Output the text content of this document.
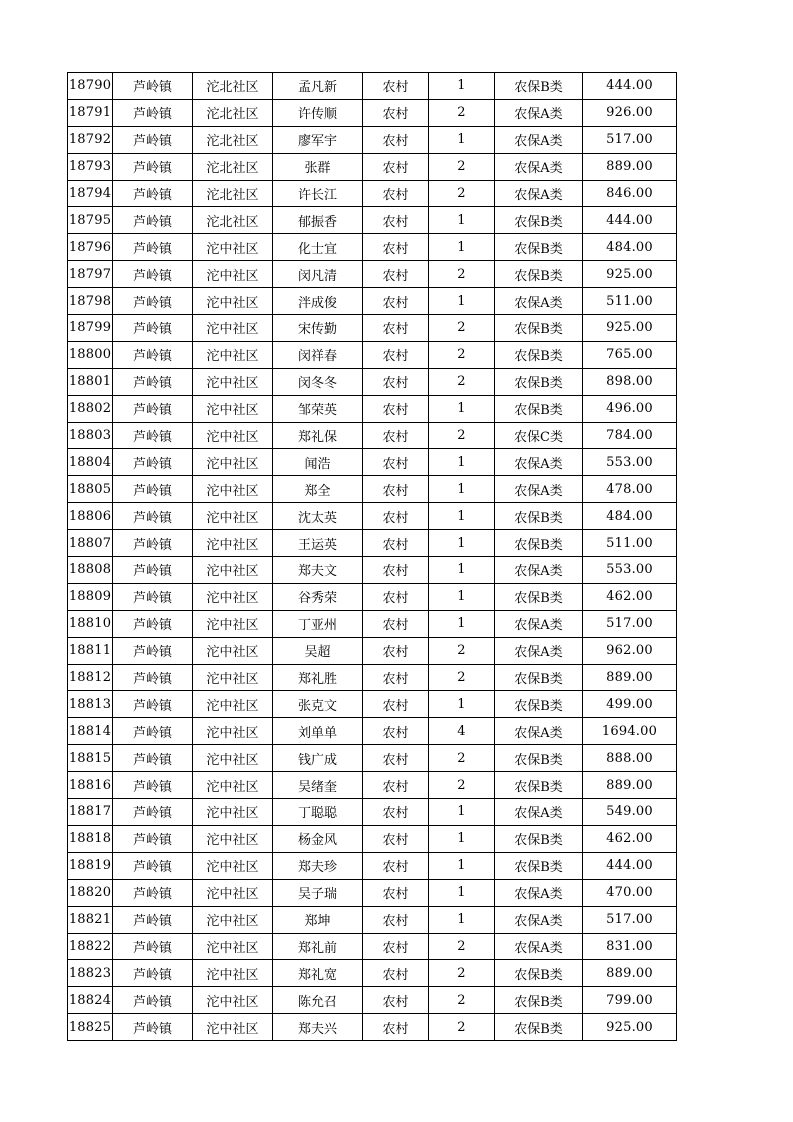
18790	芦岭镇	沱北社区	孟凡新	农村	1	农保B类	444.00
18791	芦岭镇	沱北社区	许传顺	农村	2	农保A类	926.00
18792	芦岭镇	沱北社区	廖军宇	农村	1	农保A类	517.00
18793	芦岭镇	沱北社区	张群	农村	2	农保A类	889.00
18794	芦岭镇	沱北社区	许长江	农村	2	农保A类	846.00
18795	芦岭镇	沱北社区	郁振香	农村	1	农保B类	444.00
18796	芦岭镇	沱中社区	化士宜	农村	1	农保B类	484.00
18797	芦岭镇	沱中社区	闵凡清	农村	2	农保B类	925.00
18798	芦岭镇	沱中社区	泮成俊	农村	1	农保A类	511.00
18799	芦岭镇	沱中社区	宋传勤	农村	2	农保B类	925.00
18800	芦岭镇	沱中社区	闵祥春	农村	2	农保B类	765.00
18801	芦岭镇	沱中社区	闵冬冬	农村	2	农保B类	898.00
18802	芦岭镇	沱中社区	邹荣英	农村	1	农保B类	496.00
18803	芦岭镇	沱中社区	郑礼保	农村	2	农保C类	784.00
18804	芦岭镇	沱中社区	闻浩	农村	1	农保A类	553.00
18805	芦岭镇	沱中社区	郑全	农村	1	农保A类	478.00
18806	芦岭镇	沱中社区	沈太英	农村	1	农保B类	484.00
18807	芦岭镇	沱中社区	王运英	农村	1	农保B类	511.00
18808	芦岭镇	沱中社区	郑夫文	农村	1	农保A类	553.00
18809	芦岭镇	沱中社区	谷秀荣	农村	1	农保B类	462.00
18810	芦岭镇	沱中社区	丁亚州	农村	1	农保A类	517.00
18811	芦岭镇	沱中社区	吴超	农村	2	农保A类	962.00
18812	芦岭镇	沱中社区	郑礼胜	农村	2	农保B类	889.00
18813	芦岭镇	沱中社区	张克文	农村	1	农保B类	499.00
18814	芦岭镇	沱中社区	刘单单	农村	4	农保A类	1694.00
18815	芦岭镇	沱中社区	钱广成	农村	2	农保B类	888.00
18816	芦岭镇	沱中社区	吴绪奎	农村	2	农保B类	889.00
18817	芦岭镇	沱中社区	丁聪聪	农村	1	农保A类	549.00
18818	芦岭镇	沱中社区	杨金风	农村	1	农保B类	462.00
18819	芦岭镇	沱中社区	郑夫珍	农村	1	农保B类	444.00
18820	芦岭镇	沱中社区	吴子瑞	农村	1	农保A类	470.00
18821	芦岭镇	沱中社区	郑坤	农村	1	农保A类	517.00
18822	芦岭镇	沱中社区	郑礼前	农村	2	农保A类	831.00
18823	芦岭镇	沱中社区	郑礼宽	农村	2	农保B类	889.00
18824	芦岭镇	沱中社区	陈允召	农村	2	农保B类	799.00
18825	芦岭镇	沱中社区	郑夫兴	农村	2	农保B类	925.00
